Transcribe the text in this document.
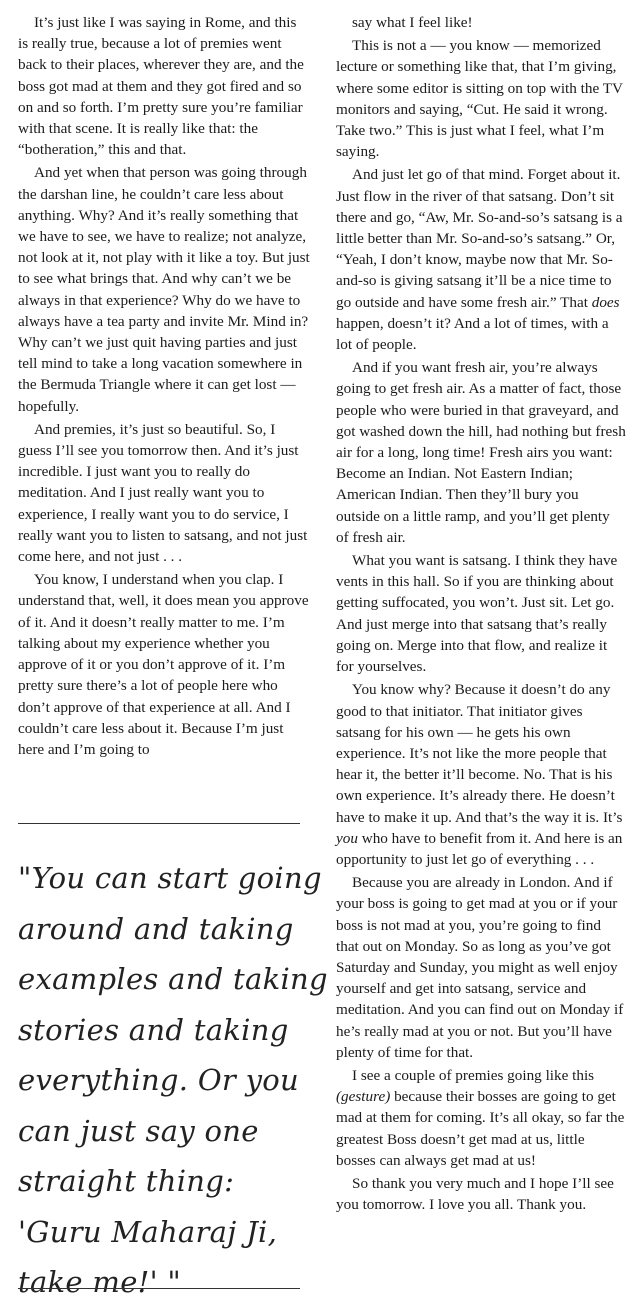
It’s just like I was saying in Rome, and this is really true, because a lot of premies went back to their places, wherever they are, and the boss got mad at them and they got fired and so on and so forth. I’m pretty sure you’re familiar with that scene. It is really like that: the “botheration,” this and that.

And yet when that person was going through the darshan line, he couldn’t care less about anything. Why? And it’s really something that we have to see, we have to realize; not analyze, not look at it, not play with it like a toy. But just to see what brings that. And why can’t we be always in that experience? Why do we have to always have a tea party and invite Mr. Mind in? Why can’t we just quit having parties and just tell mind to take a long vacation somewhere in the Bermuda Triangle where it can get lost — hopefully.

And premies, it’s just so beautiful. So, I guess I’ll see you tomorrow then. And it’s just incredible. I just want you to really do meditation. And I just really want you to experience, I really want you to do service, I really want you to listen to satsang, and not just come here, and not just . . .

You know, I understand when you clap. I understand that, well, it does mean you approve of it. And it doesn’t really matter to me. I’m talking about my experience whether you approve of it or you don’t approve of it. I’m pretty sure there’s a lot of people here who don’t approve of that experience at all. And I couldn’t care less about it. Because I’m just here and I’m going to

"You can start going
around and taking
examples and taking
stories and taking
everything. Or you
can just say one
straight thing:
'Guru Maharaj Ji,
take me!' "

say what I feel like!

This is not a — you know — memorized lecture or something like that, that I’m giving, where some editor is sitting on top with the TV monitors and saying, “Cut. He said it wrong. Take two.” This is just what I feel, what I’m saying.

And just let go of that mind. Forget about it. Just flow in the river of that satsang. Don’t sit there and go, “Aw, Mr. So-and-so’s satsang is a little better than Mr. So-and-so’s satsang.” Or, “Yeah, I don’t know, maybe now that Mr. So-and-so is giving satsang it’ll be a nice time to go outside and have some fresh air.” That does happen, doesn’t it? And a lot of times, with a lot of people.

And if you want fresh air, you’re always going to get fresh air. As a matter of fact, those people who were buried in that graveyard, and got washed down the hill, had nothing but fresh air for a long, long time! Fresh airs you want: Become an Indian. Not Eastern Indian; American Indian. Then they’ll bury you outside on a little ramp, and you’ll get plenty of fresh air.

What you want is satsang. I think they have vents in this hall. So if you are thinking about getting suffocated, you won’t. Just sit. Let go. And just merge into that satsang that’s really going on. Merge into that flow, and realize it for yourselves.

You know why? Because it doesn’t do any good to that initiator. That initiator gives satsang for his own — he gets his own experience. It’s not like the more people that hear it, the better it’ll become. No. That is his own experience. It’s already there. He doesn’t have to make it up. And that’s the way it is. It’s you who have to benefit from it. And here is an opportunity to just let go of everything . . .

Because you are already in London. And if your boss is going to get mad at you or if your boss is not mad at you, you’re going to find that out on Monday. So as long as you’ve got Saturday and Sunday, you might as well enjoy yourself and get into satsang, service and meditation. And you can find out on Monday if he’s really mad at you or not. But you’ll have plenty of time for that.

I see a couple of premies going like this (gesture) because their bosses are going to get mad at them for coming. It’s all okay, so far the greatest Boss doesn’t get mad at us, little bosses can always get mad at us!

So thank you very much and I hope I’ll see you tomorrow. I love you all. Thank you.
